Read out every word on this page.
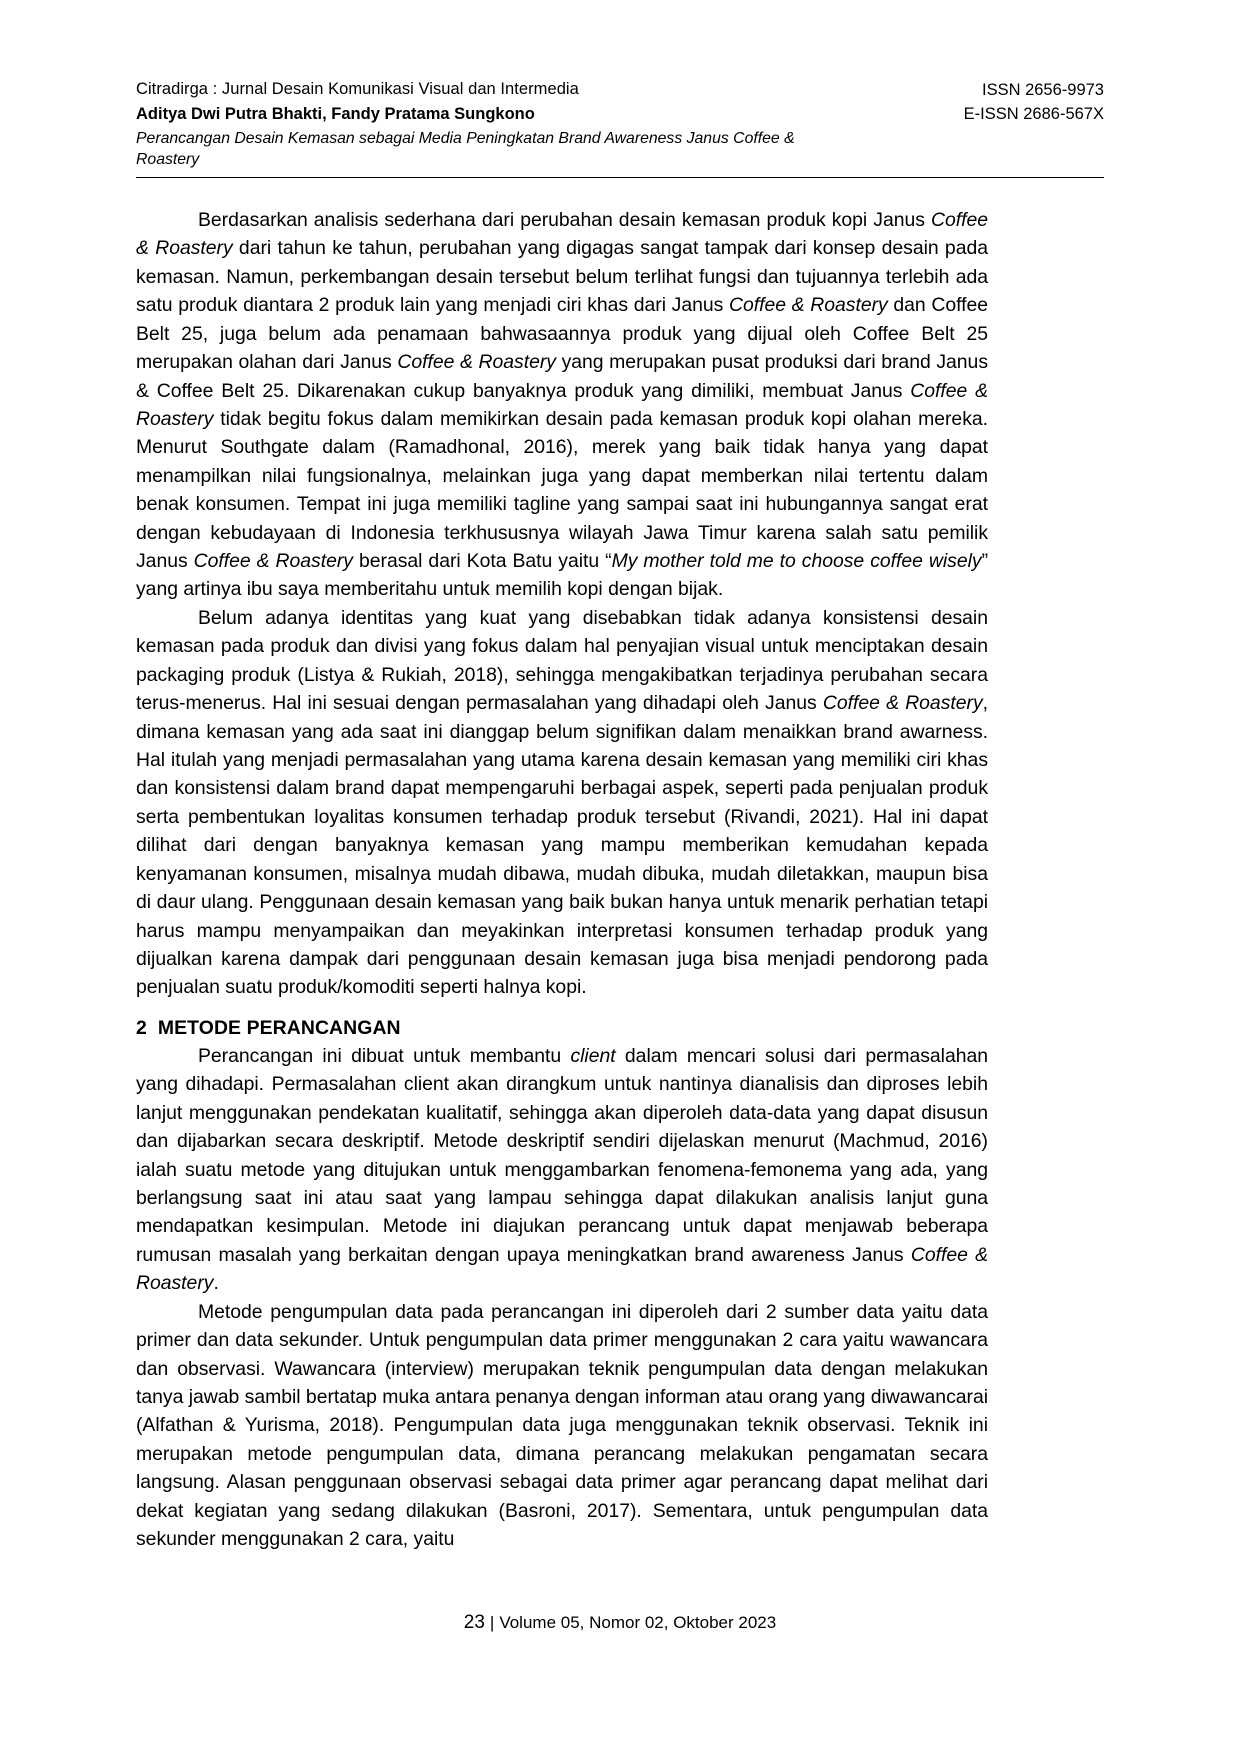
Citradirga : Jurnal Desain Komunikasi Visual dan Intermedia
Aditya Dwi Putra Bhakti, Fandy Pratama Sungkono
Perancangan Desain Kemasan sebagai Media Peningkatan Brand Awareness Janus Coffee & Roastery
ISSN 2656-9973
E-ISSN 2686-567X

Berdasarkan analisis sederhana dari perubahan desain kemasan produk kopi Janus Coffee & Roastery dari tahun ke tahun, perubahan yang digagas sangat tampak dari konsep desain pada kemasan. Namun, perkembangan desain tersebut belum terlihat fungsi dan tujuannya terlebih ada satu produk diantara 2 produk lain yang menjadi ciri khas dari Janus Coffee & Roastery dan Coffee Belt 25, juga belum ada penamaan bahwasaannya produk yang dijual oleh Coffee Belt 25 merupakan olahan dari Janus Coffee & Roastery yang merupakan pusat produksi dari brand Janus & Coffee Belt 25. Dikarenakan cukup banyaknya produk yang dimiliki, membuat Janus Coffee & Roastery tidak begitu fokus dalam memikirkan desain pada kemasan produk kopi olahan mereka. Menurut Southgate dalam (Ramadhonal, 2016), merek yang baik tidak hanya yang dapat menampilkan nilai fungsionalnya, melainkan juga yang dapat memberkan nilai tertentu dalam benak konsumen. Tempat ini juga memiliki tagline yang sampai saat ini hubungannya sangat erat dengan kebudayaan di Indonesia terkhususnya wilayah Jawa Timur karena salah satu pemilik Janus Coffee & Roastery berasal dari Kota Batu yaitu “My mother told me to choose coffee wisely” yang artinya ibu saya memberitahu untuk memilih kopi dengan bijak.

Belum adanya identitas yang kuat yang disebabkan tidak adanya konsistensi desain kemasan pada produk dan divisi yang fokus dalam hal penyajian visual untuk menciptakan desain packaging produk (Listya & Rukiah, 2018), sehingga mengakibatkan terjadinya perubahan secara terus-menerus. Hal ini sesuai dengan permasalahan yang dihadapi oleh Janus Coffee & Roastery, dimana kemasan yang ada saat ini dianggap belum signifikan dalam menaikkan brand awarness. Hal itulah yang menjadi permasalahan yang utama karena desain kemasan yang memiliki ciri khas dan konsistensi dalam brand dapat mempengaruhi berbagai aspek, seperti pada penjualan produk serta pembentukan loyalitas konsumen terhadap produk tersebut (Rivandi, 2021). Hal ini dapat dilihat dari dengan banyaknya kemasan yang mampu memberikan kemudahan kepada kenyamanan konsumen, misalnya mudah dibawa, mudah dibuka, mudah diletakkan, maupun bisa di daur ulang. Penggunaan desain kemasan yang baik bukan hanya untuk menarik perhatian tetapi harus mampu menyampaikan dan meyakinkan interpretasi konsumen terhadap produk yang dijualkan karena dampak dari penggunaan desain kemasan juga bisa menjadi pendorong pada penjualan suatu produk/komoditi seperti halnya kopi.

2 METODE PERANCANGAN

Perancangan ini dibuat untuk membantu client dalam mencari solusi dari permasalahan yang dihadapi. Permasalahan client akan dirangkum untuk nantinya dianalisis dan diproses lebih lanjut menggunakan pendekatan kualitatif, sehingga akan diperoleh data-data yang dapat disusun dan dijabarkan secara deskriptif. Metode deskriptif sendiri dijelaskan menurut (Machmud, 2016) ialah suatu metode yang ditujukan untuk menggambarkan fenomena-femonema yang ada, yang berlangsung saat ini atau saat yang lampau sehingga dapat dilakukan analisis lanjut guna mendapatkan kesimpulan. Metode ini diajukan perancang untuk dapat menjawab beberapa rumusan masalah yang berkaitan dengan upaya meningkatkan brand awareness Janus Coffee & Roastery.

Metode pengumpulan data pada perancangan ini diperoleh dari 2 sumber data yaitu data primer dan data sekunder. Untuk pengumpulan data primer menggunakan 2 cara yaitu wawancara dan observasi. Wawancara (interview) merupakan teknik pengumpulan data dengan melakukan tanya jawab sambil bertatap muka antara penanya dengan informan atau orang yang diwawancarai (Alfathan & Yurisma, 2018). Pengumpulan data juga menggunakan teknik observasi. Teknik ini merupakan metode pengumpulan data, dimana perancang melakukan pengamatan secara langsung. Alasan penggunaan observasi sebagai data primer agar perancang dapat melihat dari dekat kegiatan yang sedang dilakukan (Basroni, 2017). Sementara, untuk pengumpulan data sekunder menggunakan 2 cara, yaitu

23 | Volume 05, Nomor 02, Oktober 2023
